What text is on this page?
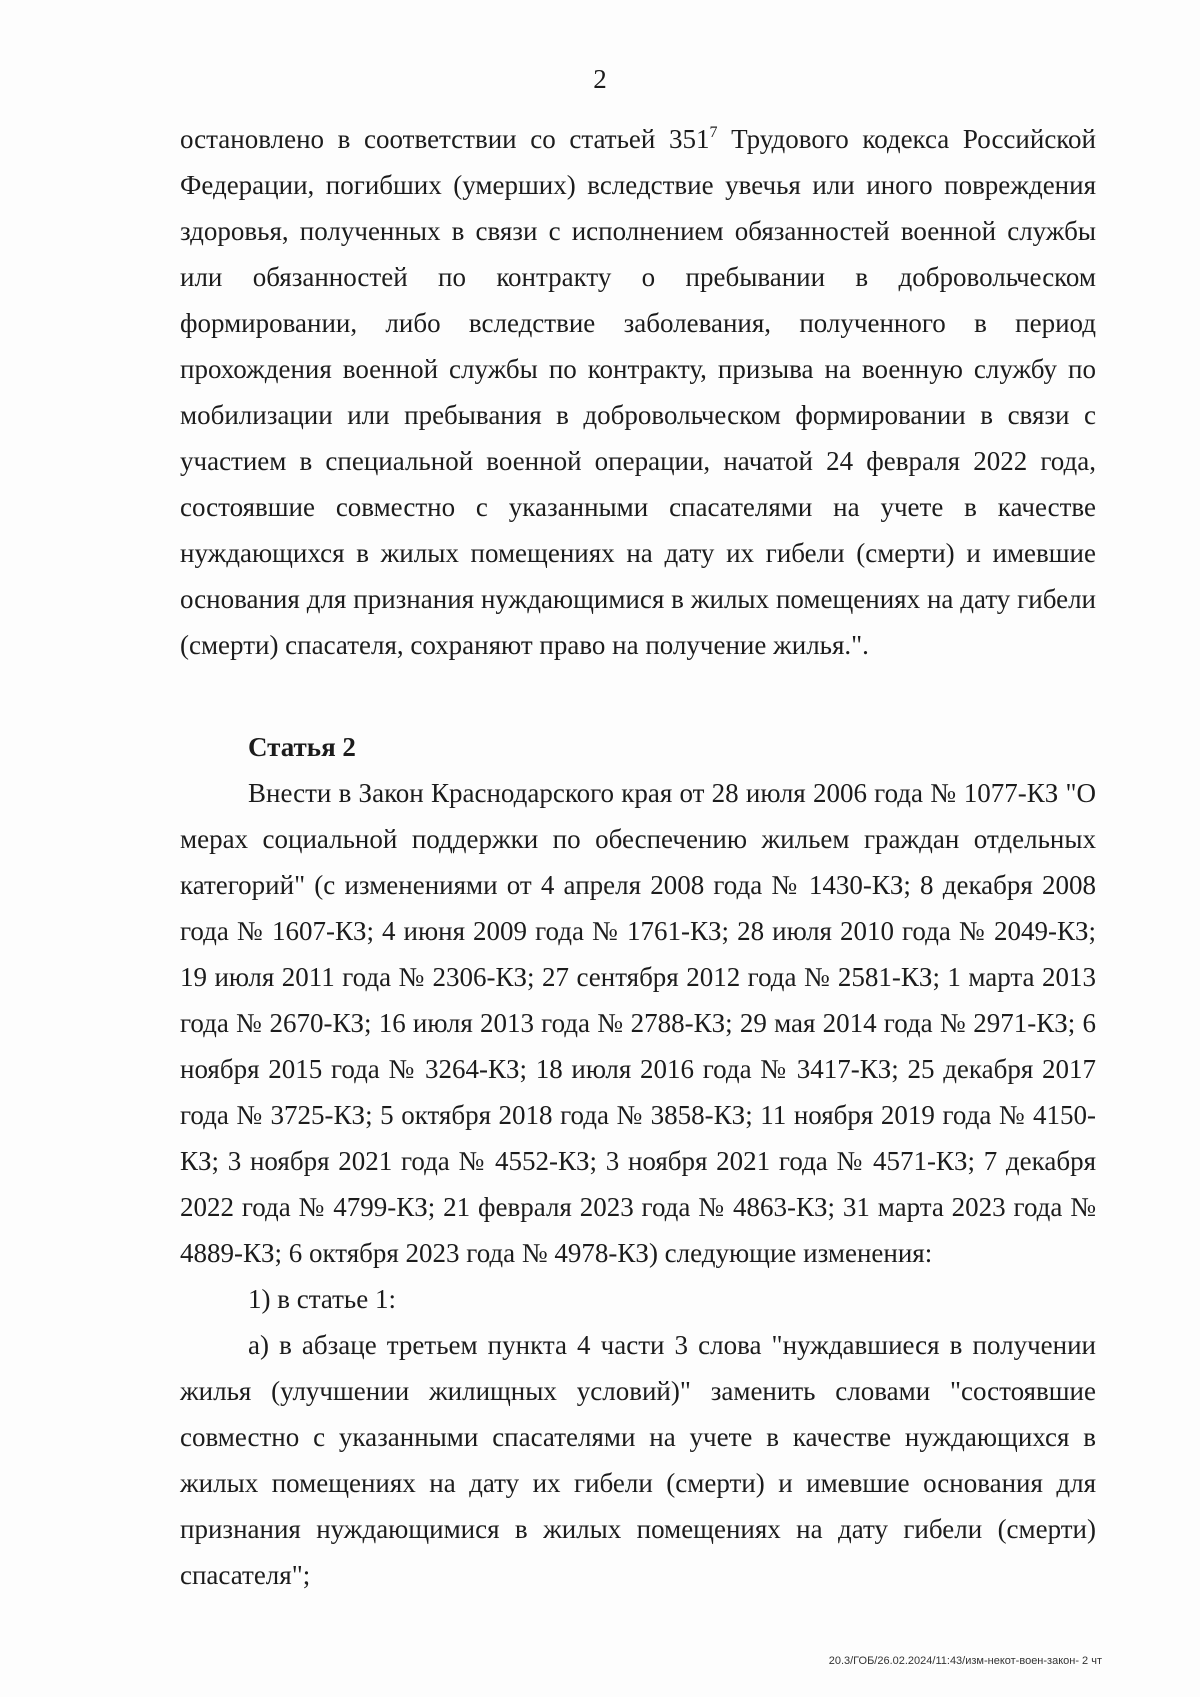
2

остановлено в соответствии со статьей $351^7$ Трудового кодекса Российской Федерации, погибших (умерших) вследствие увечья или иного повреждения здоровья, полученных в связи с исполнением обязанностей военной службы или обязанностей по контракту о пребывании в добровольческом формировании, либо вследствие заболевания, полученного в период прохождения военной службы по контракту, призыва на военную службу по мобилизации или пребывания в добровольческом формировании в связи с участием в специальной военной операции, начатой 24 февраля 2022 года, состоявшие совместно с указанными спасателями на учете в качестве нуждающихся в жилых помещениях на дату их гибели (смерти) и имевшие основания для признания нуждающимися в жилых помещениях на дату гибели (смерти) спасателя, сохраняют право на получение жилья.".

Статья 2

Внести в Закон Краснодарского края от 28 июля 2006 года № 1077-КЗ "О мерах социальной поддержки по обеспечению жильем граждан отдельных категорий" (с изменениями от 4 апреля 2008 года № 1430-КЗ; 8 декабря 2008 года № 1607-КЗ; 4 июня 2009 года № 1761-КЗ; 28 июля 2010 года № 2049-КЗ; 19 июля 2011 года № 2306-КЗ; 27 сентября 2012 года № 2581-КЗ; 1 марта 2013 года № 2670-КЗ; 16 июля 2013 года № 2788-КЗ; 29 мая 2014 года № 2971-КЗ; 6 ноября 2015 года № 3264-КЗ; 18 июля 2016 года № 3417-КЗ; 25 декабря 2017 года № 3725-КЗ; 5 октября 2018 года № 3858-КЗ; 11 ноября 2019 года № 4150-КЗ; 3 ноября 2021 года № 4552-КЗ; 3 ноября 2021 года № 4571-КЗ; 7 декабря 2022 года № 4799-КЗ; 21 февраля 2023 года № 4863-КЗ; 31 марта 2023 года № 4889-КЗ; 6 октября 2023 года № 4978-КЗ) следующие изменения:

1) в статье 1:

а) в абзаце третьем пункта 4 части 3 слова "нуждавшиеся в получении жилья (улучшении жилищных условий)" заменить словами "состоявшие совместно с указанными спасателями на учете в качестве нуждающихся в жилых помещениях на дату их гибели (смерти) и имевшие основания для признания нуждающимися в жилых помещениях на дату гибели (смерти) спасателя";

20.3/ГОБ/26.02.2024/11:43/изм-некот-воен-закон- 2 чт
